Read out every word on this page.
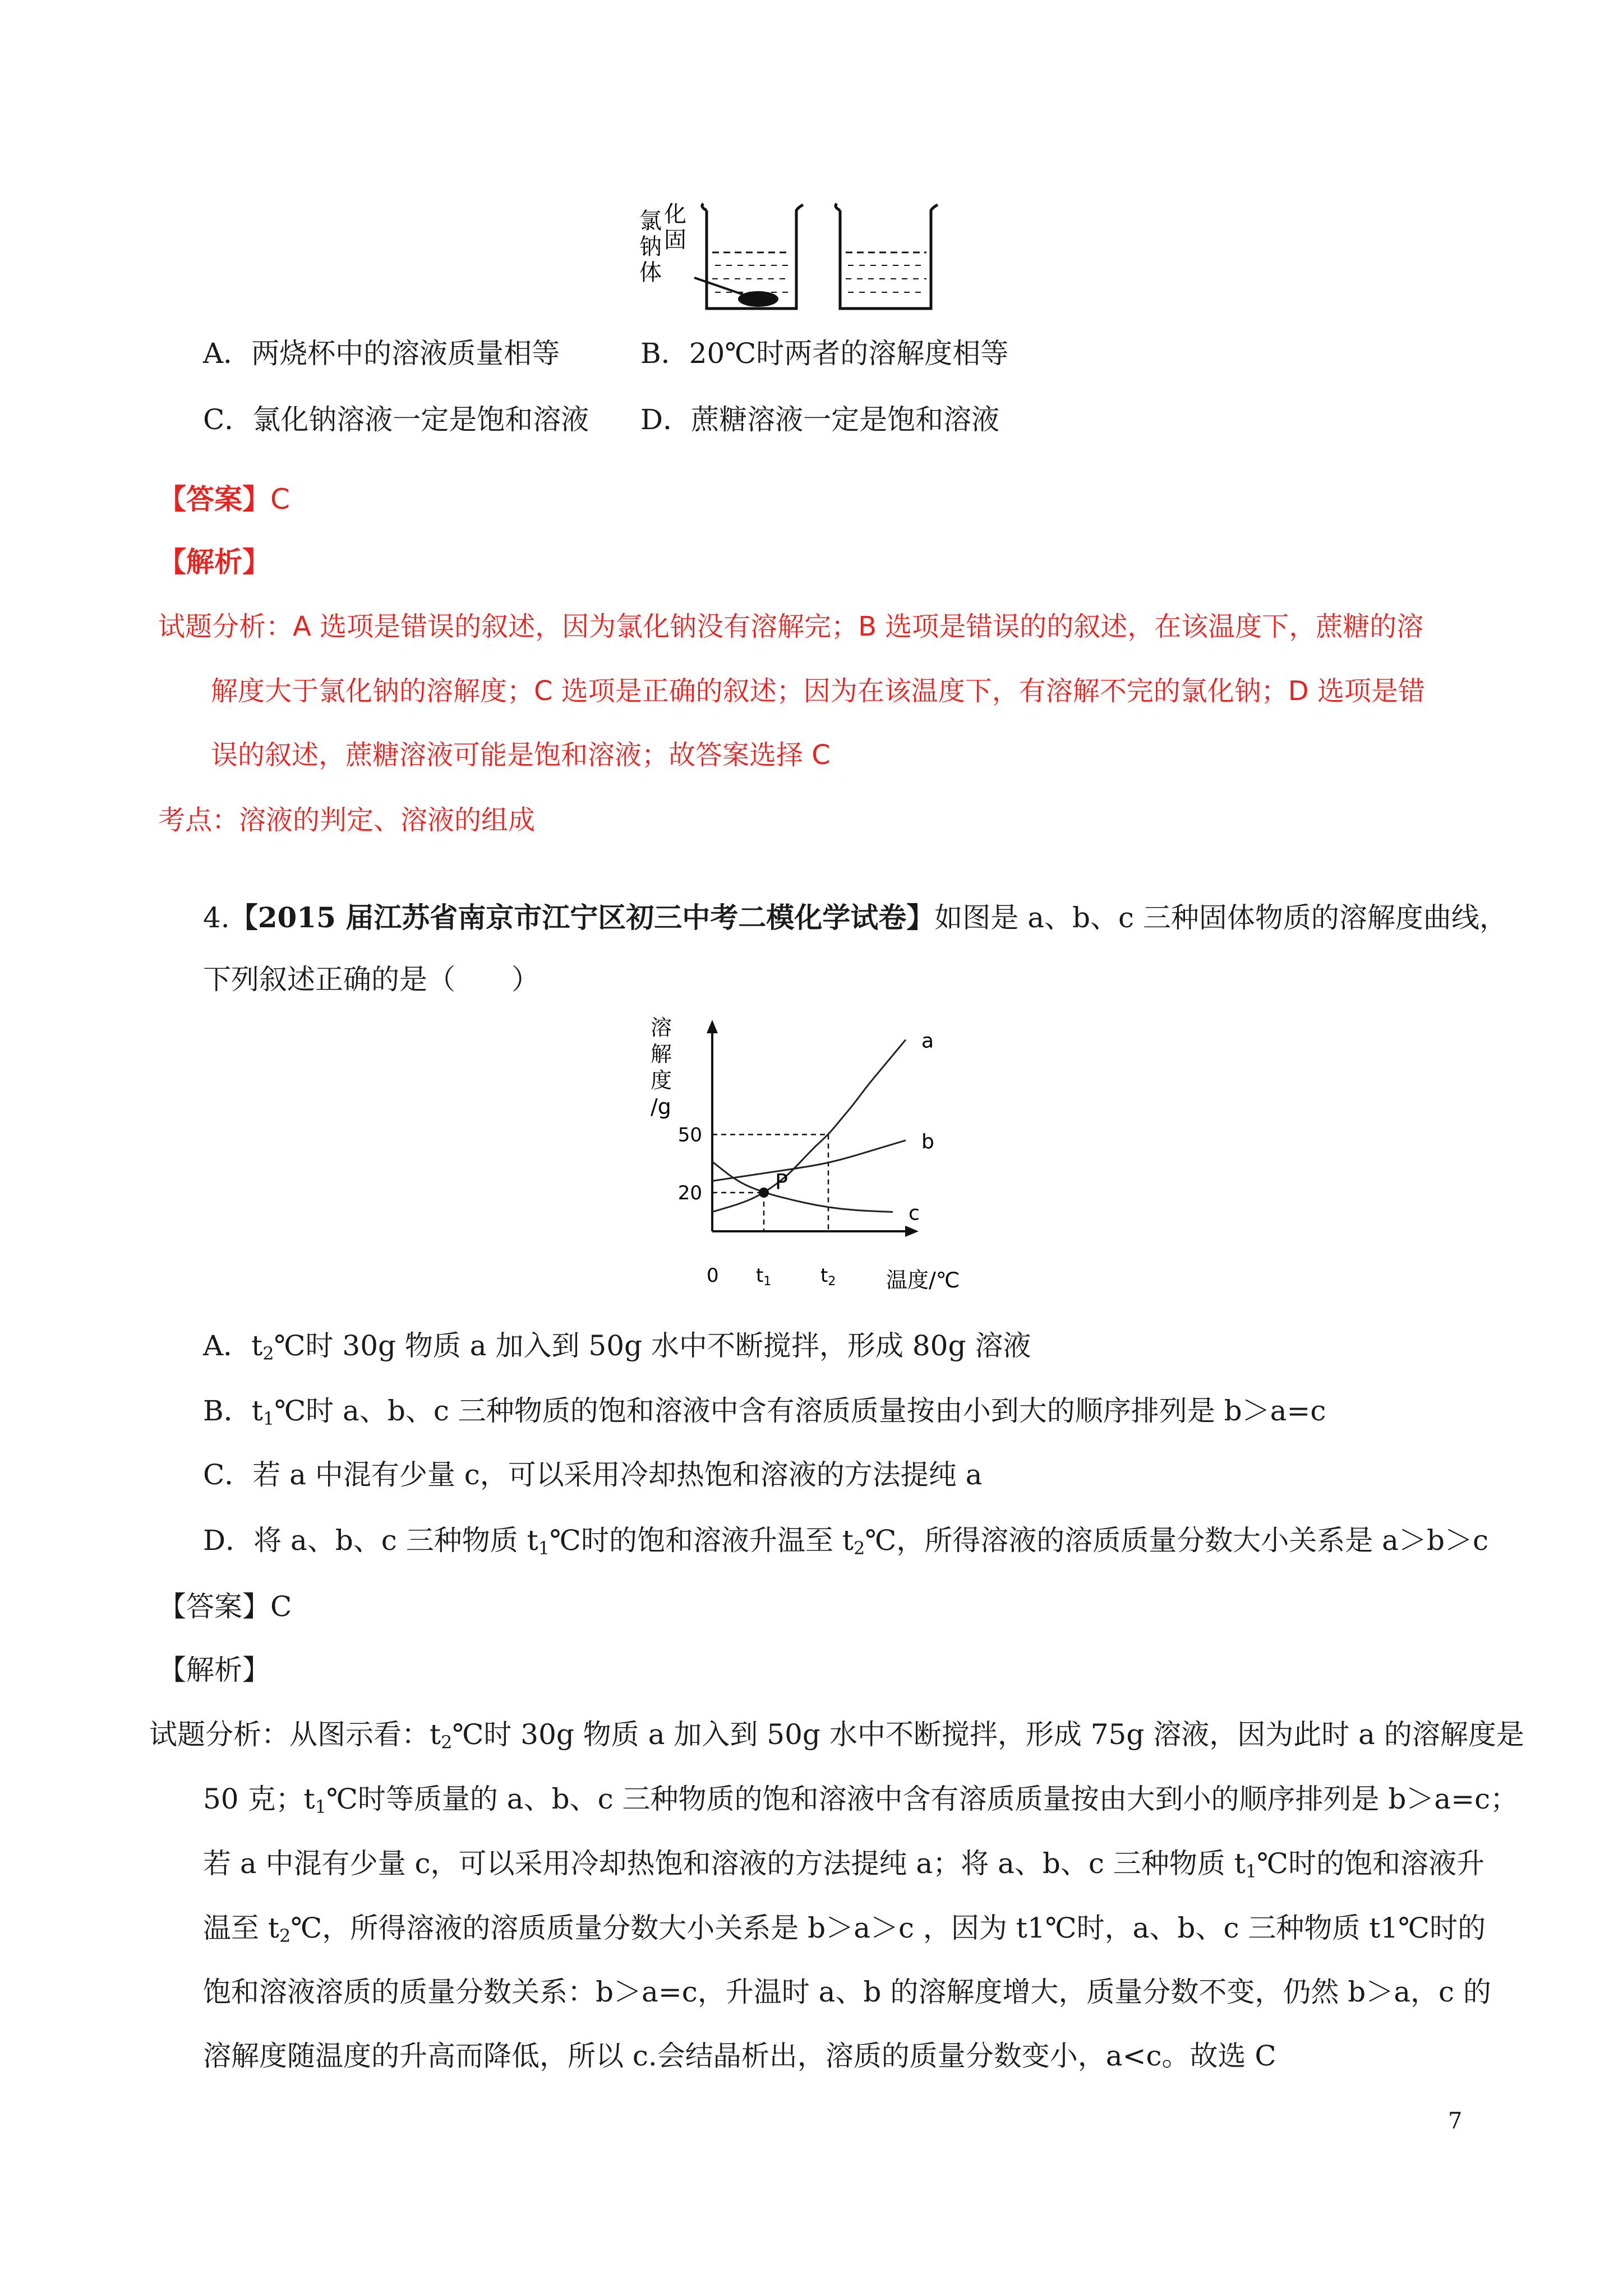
氯 化
钠 固
体
A．两烧杯中的溶液质量相等	B．20℃时两者的溶解度相等
C．氯化钠溶液一定是饱和溶液 D．蔗糖溶液一定是饱和溶液
【答案】C
【解析】
试题分析：A 选项是错误的叙述，因为氯化钠没有溶解完；B 选项是错误的的叙述，在该温度下，蔗糖的溶
解度大于氯化钠的溶解度；C 选项是正确的叙述；因为在该温度下，有溶解不完的氯化钠；D 选项是错
误的叙述，蔗糖溶液可能是饱和溶液；故答案选择 C
考点：溶液的判定、溶液的组成
4.【2015 届江苏省南京市江宁区初三中考二模化学试卷】如图是 a、b、c 三种固体物质的溶解度曲线，
下列叙述正确的是（　　）
P
溶
解
度
/g
50
20
0 t1	t2 温度/℃
a
b
c
A．$t_2℃$时 30g 物质 a 加入到 50g 水中不断搅拌，形成 80g 溶液
B．$t_1℃$时 a、b、c 三种物质的饱和溶液中含有溶质质量按由小到大的顺序排列是 b＞a=c
C．若 a 中混有少量 c，可以采用冷却热饱和溶液的方法提纯 a
D．将 a、b、c 三种物质 $t_1℃$时的饱和溶液升温至 $t_2℃$，所得溶液的溶质质量分数大小关系是 a＞b＞c
【答案】C
【解析】
试题分析：从图示看：$t_2℃$时 30g 物质 a 加入到 50g 水中不断搅拌，形成 75g 溶液，因为此时 a 的溶解度是
50 克；$t_1℃$时等质量的 a、b、c 三种物质的饱和溶液中含有溶质质量按由大到小的顺序排列是 b＞a=c；
若 a 中混有少量 c，可以采用冷却热饱和溶液的方法提纯 a；将 a、b、c 三种物质 $t_1℃$时的饱和溶液升
温至 $t_2℃$，所得溶液的溶质质量分数大小关系是 b＞a＞c ，因为 t1℃时，a、b、c 三种物质 t1℃时的
饱和溶液溶质的质量分数关系：b＞a=c，升温时 a、b 的溶解度增大，质量分数不变，仍然 b＞a，c 的
溶解度随温度的升高而降低，所以 c.会结晶析出，溶质的质量分数变小，a<c。故选 C
7
